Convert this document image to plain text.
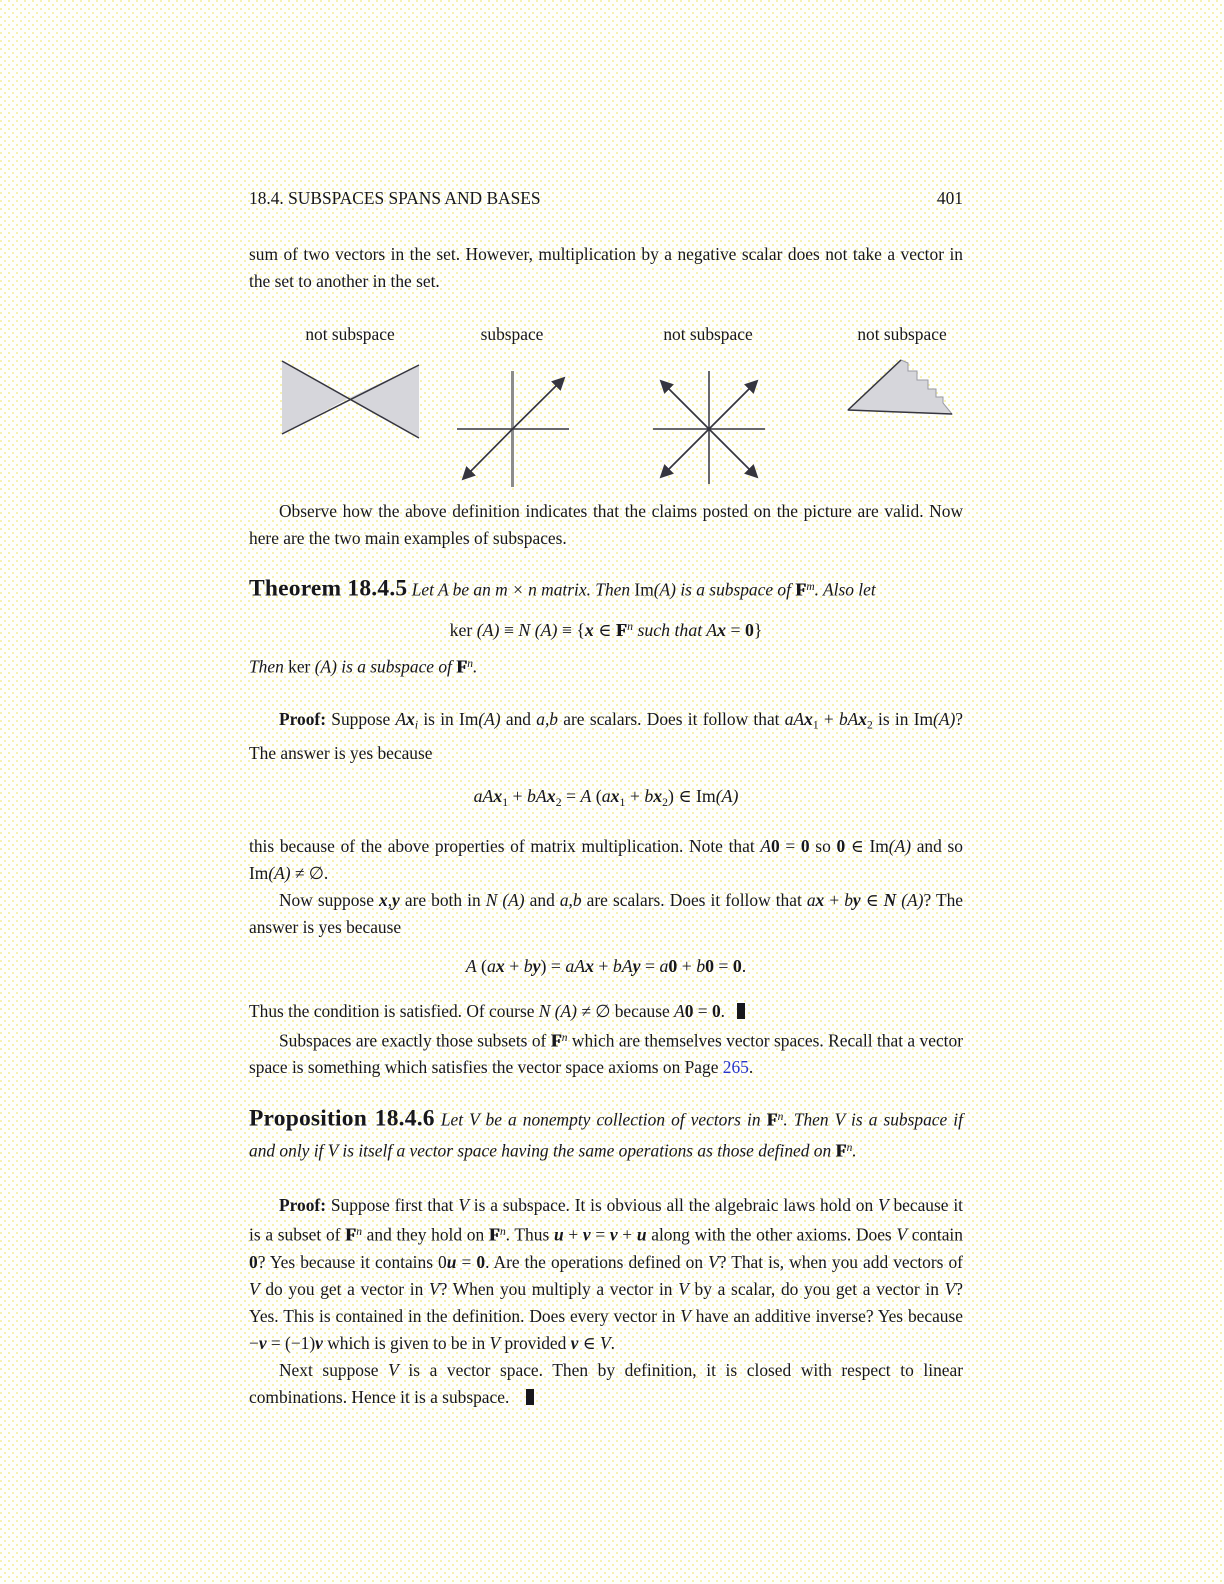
18.4. SUBSPACES SPANS AND BASES	401

sum of two vectors in the set. However, multiplication by a negative scalar does not take a vector in the set to another in the set.

not subspace	subspace	not subspace	not subspace

Observe how the above definition indicates that the claims posted on the picture are valid. Now here are the two main examples of subspaces.

Theorem 18.4.5 Let A be an m × n matrix. Then Im(A) is a subspace of $F^m$. Also let

ker (A) ≡ N (A) ≡ {x ∈ $F^n$ such that Ax = 0}

Then ker (A) is a subspace of $F^n$.

Proof: Suppose $Ax_i$ is in Im(A) and a,b are scalars. Does it follow that aAx$_1$ + bAx$_2$ is in Im(A)? The answer is yes because

aAx$_1$ + bAx$_2$ = A $(ax_1 + bx_2)$ ∈ Im(A)

this because of the above properties of matrix multiplication. Note that A0 = 0 so 0 ∈ Im(A) and so Im(A) ≠ ∅.

Now suppose x,y are both in N (A) and a,b are scalars. Does it follow that ax + by ∈ N (A)? The answer is yes because

A (ax + by) = aAx + bAy = a0 + b0 = 0.

Thus the condition is satisfied. Of course N (A) ≠ ∅ because A0 = 0.

Subspaces are exactly those subsets of $F^n$ which are themselves vector spaces. Recall that a vector space is something which satisfies the vector space axioms on Page 265.

Proposition 18.4.6 Let V be a nonempty collection of vectors in $F^n$. Then V is a subspace if and only if V is itself a vector space having the same operations as those defined on $F^n$.

Proof: Suppose first that V is a subspace. It is obvious all the algebraic laws hold on V because it is a subset of $F^n$ and they hold on $F^n$. Thus u + v = v + u along with the other axioms. Does V contain 0? Yes because it contains 0u = 0. Are the operations defined on V? That is, when you add vectors of V do you get a vector in V? When you multiply a vector in V by a scalar, do you get a vector in V? Yes. This is contained in the definition. Does every vector in V have an additive inverse? Yes because −v = (−1)v which is given to be in V provided v ∈ V.

Next suppose V is a vector space. Then by definition, it is closed with respect to linear combinations. Hence it is a subspace.
